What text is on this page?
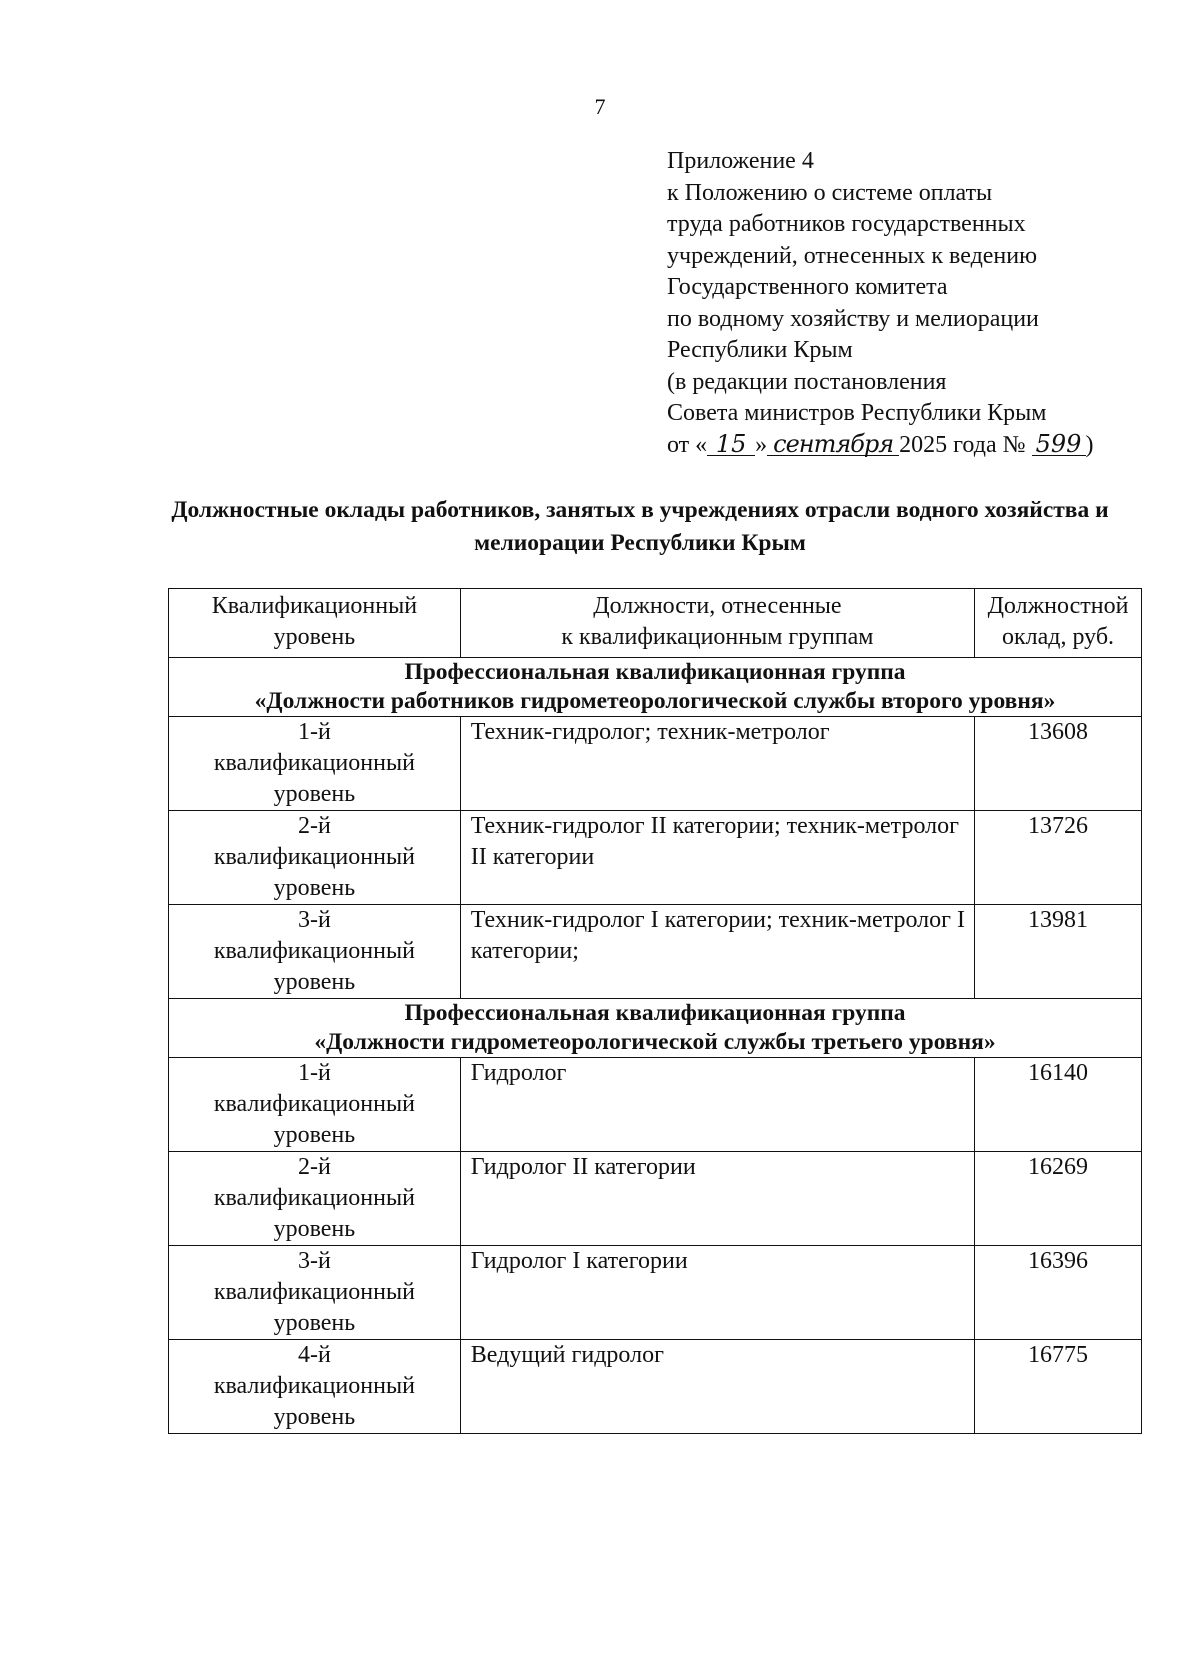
7
Приложение 4
к Положению о системе оплаты
труда работников государственных
учреждений, отнесенных к ведению
Государственного комитета
по водному хозяйству и мелиорации
Республики Крым
(в редакции постановления
Совета министров Республики Крым
от « 15 » сентября 2025 года № 599 )
Должностные оклады работников, занятых в учреждениях отрасли водного хозяйства и мелиорации Республики Крым
Квалификационный
уровень	Должности, отнесенные
к квалификационным группам	Должностной
оклад, руб.

Профессиональная квалификационная группа
«Должности работников гидрометеорологической службы второго уровня»		

1-й
квалификационный
уровень	Техник-гидролог; техник-метролог	13608

2-й
квалификационный
уровень	Техник-гидролог II категории; техник-метролог II категории	13726

3-й
квалификационный
уровень	Техник-гидролог I категории; техник-метролог I категории;	13981

Профессиональная квалификационная группа
«Должности гидрометеорологической службы третьего уровня»		

1-й
квалификационный
уровень	Гидролог	16140

2-й
квалификационный
уровень	Гидролог II категории	16269

3-й
квалификационный
уровень	Гидролог I категории	16396

4-й
квалификационный
уровень	Ведущий гидролог	16775
